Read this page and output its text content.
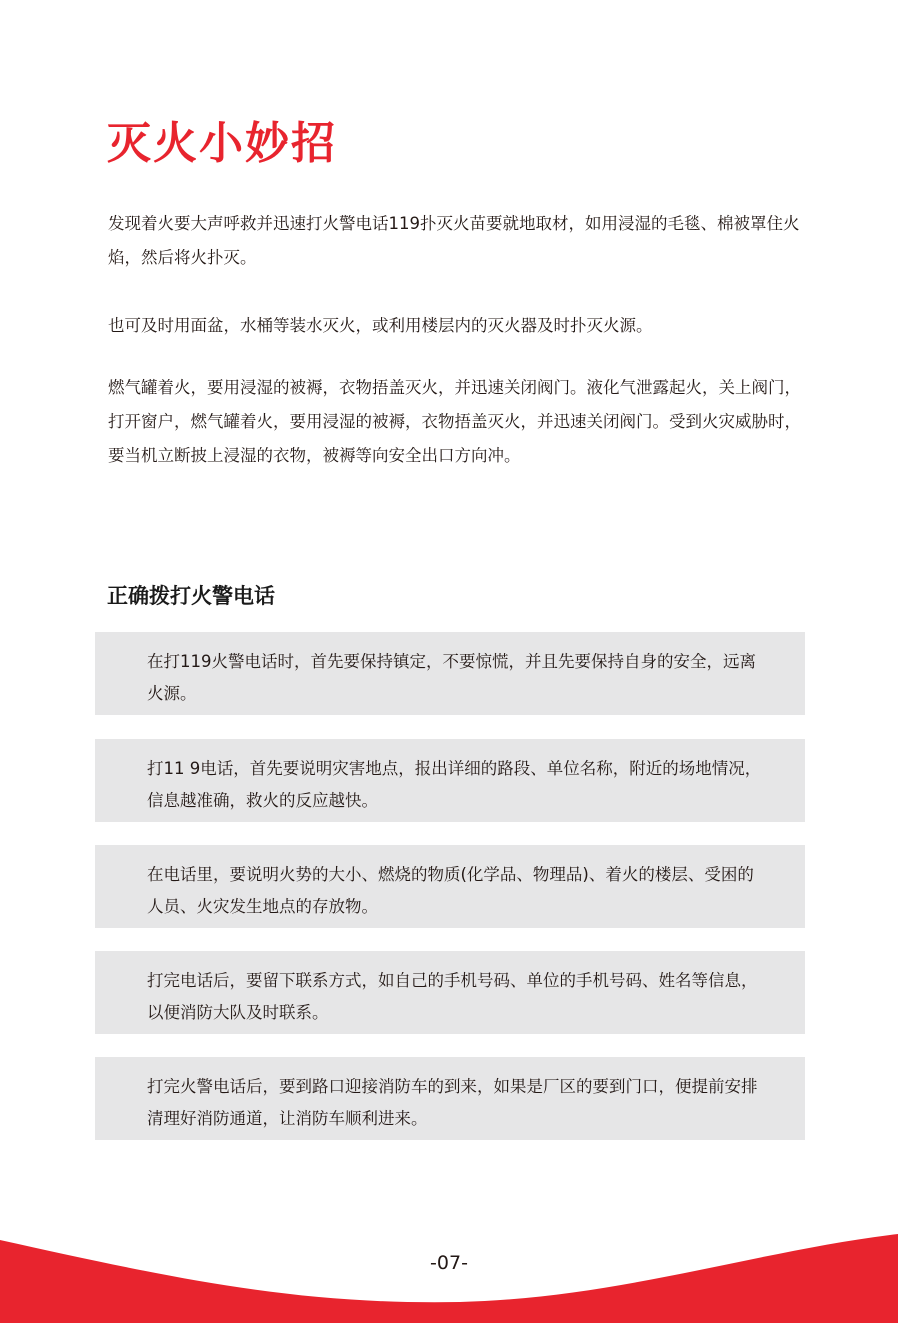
灭火小妙招

发现着火要大声呼救并迅速打火警电话119扑灭火苗要就地取材，如用浸湿的毛毯、棉被罩住火焰，然后将火扑灭。

也可及时用面盆，水桶等装水灭火，或利用楼层内的灭火器及时扑灭火源。

燃气罐着火，要用浸湿的被褥，衣物捂盖灭火，并迅速关闭阀门。液化气泄露起火，关上阀门，打开窗户，燃气罐着火，要用浸湿的被褥，衣物捂盖灭火，并迅速关闭阀门。受到火灾威胁时，要当机立断披上浸湿的衣物，被褥等向安全出口方向冲。

正确拨打火警电话

在打119火警电话时，首先要保持镇定，不要惊慌，并且先要保持自身的安全，远离火源。

打11 9电话，首先要说明灾害地点，报出详细的路段、单位名称，附近的场地情况，信息越准确，救火的反应越快。

在电话里，要说明火势的大小、燃烧的物质(化学品、物理品)、着火的楼层、受困的人员、火灾发生地点的存放物。

打完电话后，要留下联系方式，如自己的手机号码、单位的手机号码、姓名等信息，以便消防大队及时联系。

打完火警电话后，要到路口迎接消防车的到来，如果是厂区的要到门口，便提前安排清理好消防通道，让消防车顺利进来。

-07-
